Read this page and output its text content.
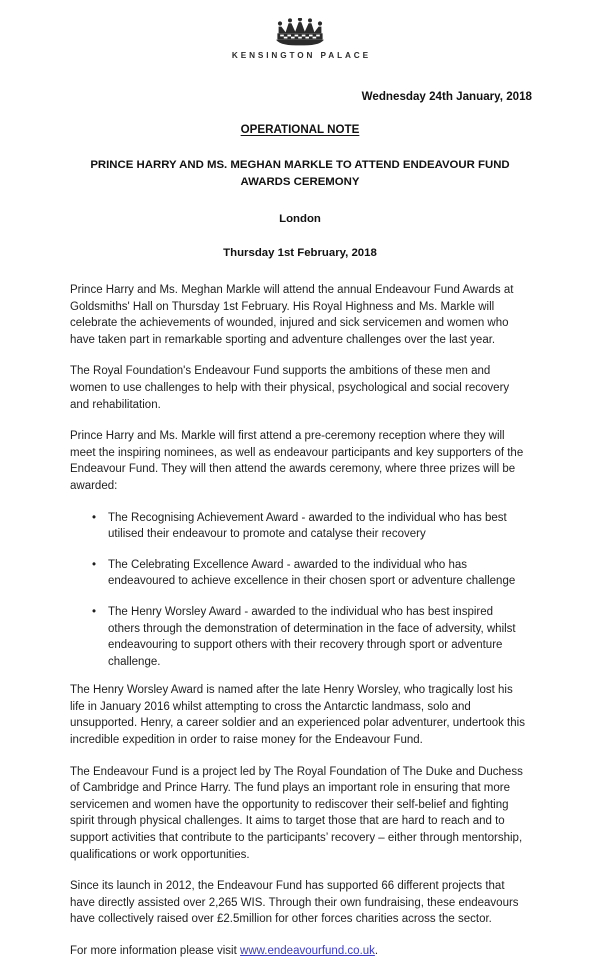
KENSINGTON PALACE
Wednesday 24th January, 2018
OPERATIONAL NOTE
PRINCE HARRY AND MS. MEGHAN MARKLE TO ATTEND ENDEAVOUR FUND AWARDS CEREMONY
London
Thursday 1st February, 2018

Prince Harry and Ms. Meghan Markle will attend the annual Endeavour Fund Awards at Goldsmiths' Hall on Thursday 1st February. His Royal Highness and Ms. Markle will celebrate the achievements of wounded, injured and sick servicemen and women who have taken part in remarkable sporting and adventure challenges over the last year.

The Royal Foundation's Endeavour Fund supports the ambitions of these men and women to use challenges to help with their physical, psychological and social recovery and rehabilitation.

Prince Harry and Ms. Markle will first attend a pre-ceremony reception where they will meet the inspiring nominees, as well as endeavour participants and key supporters of the Endeavour Fund. They will then attend the awards ceremony, where three prizes will be awarded:

• The Recognising Achievement Award - awarded to the individual who has best utilised their endeavour to promote and catalyse their recovery
• The Celebrating Excellence Award - awarded to the individual who has endeavoured to achieve excellence in their chosen sport or adventure challenge
• The Henry Worsley Award - awarded to the individual who has best inspired others through the demonstration of determination in the face of adversity, whilst endeavouring to support others with their recovery through sport or adventure challenge.

The Henry Worsley Award is named after the late Henry Worsley, who tragically lost his life in January 2016 whilst attempting to cross the Antarctic landmass, solo and unsupported. Henry, a career soldier and an experienced polar adventurer, undertook this incredible expedition in order to raise money for the Endeavour Fund.

The Endeavour Fund is a project led by The Royal Foundation of The Duke and Duchess of Cambridge and Prince Harry. The fund plays an important role in ensuring that more servicemen and women have the opportunity to rediscover their self-belief and fighting spirit through physical challenges. It aims to target those that are hard to reach and to support activities that contribute to the participants’ recovery – either through mentorship, qualifications or work opportunities.

Since its launch in 2012, the Endeavour Fund has supported 66 different projects that have directly assisted over 2,265 WIS. Through their own fundraising, these endeavours have collectively raised over £2.5million for other forces charities across the sector.

For more information please visit www.endeavourfund.co.uk.
